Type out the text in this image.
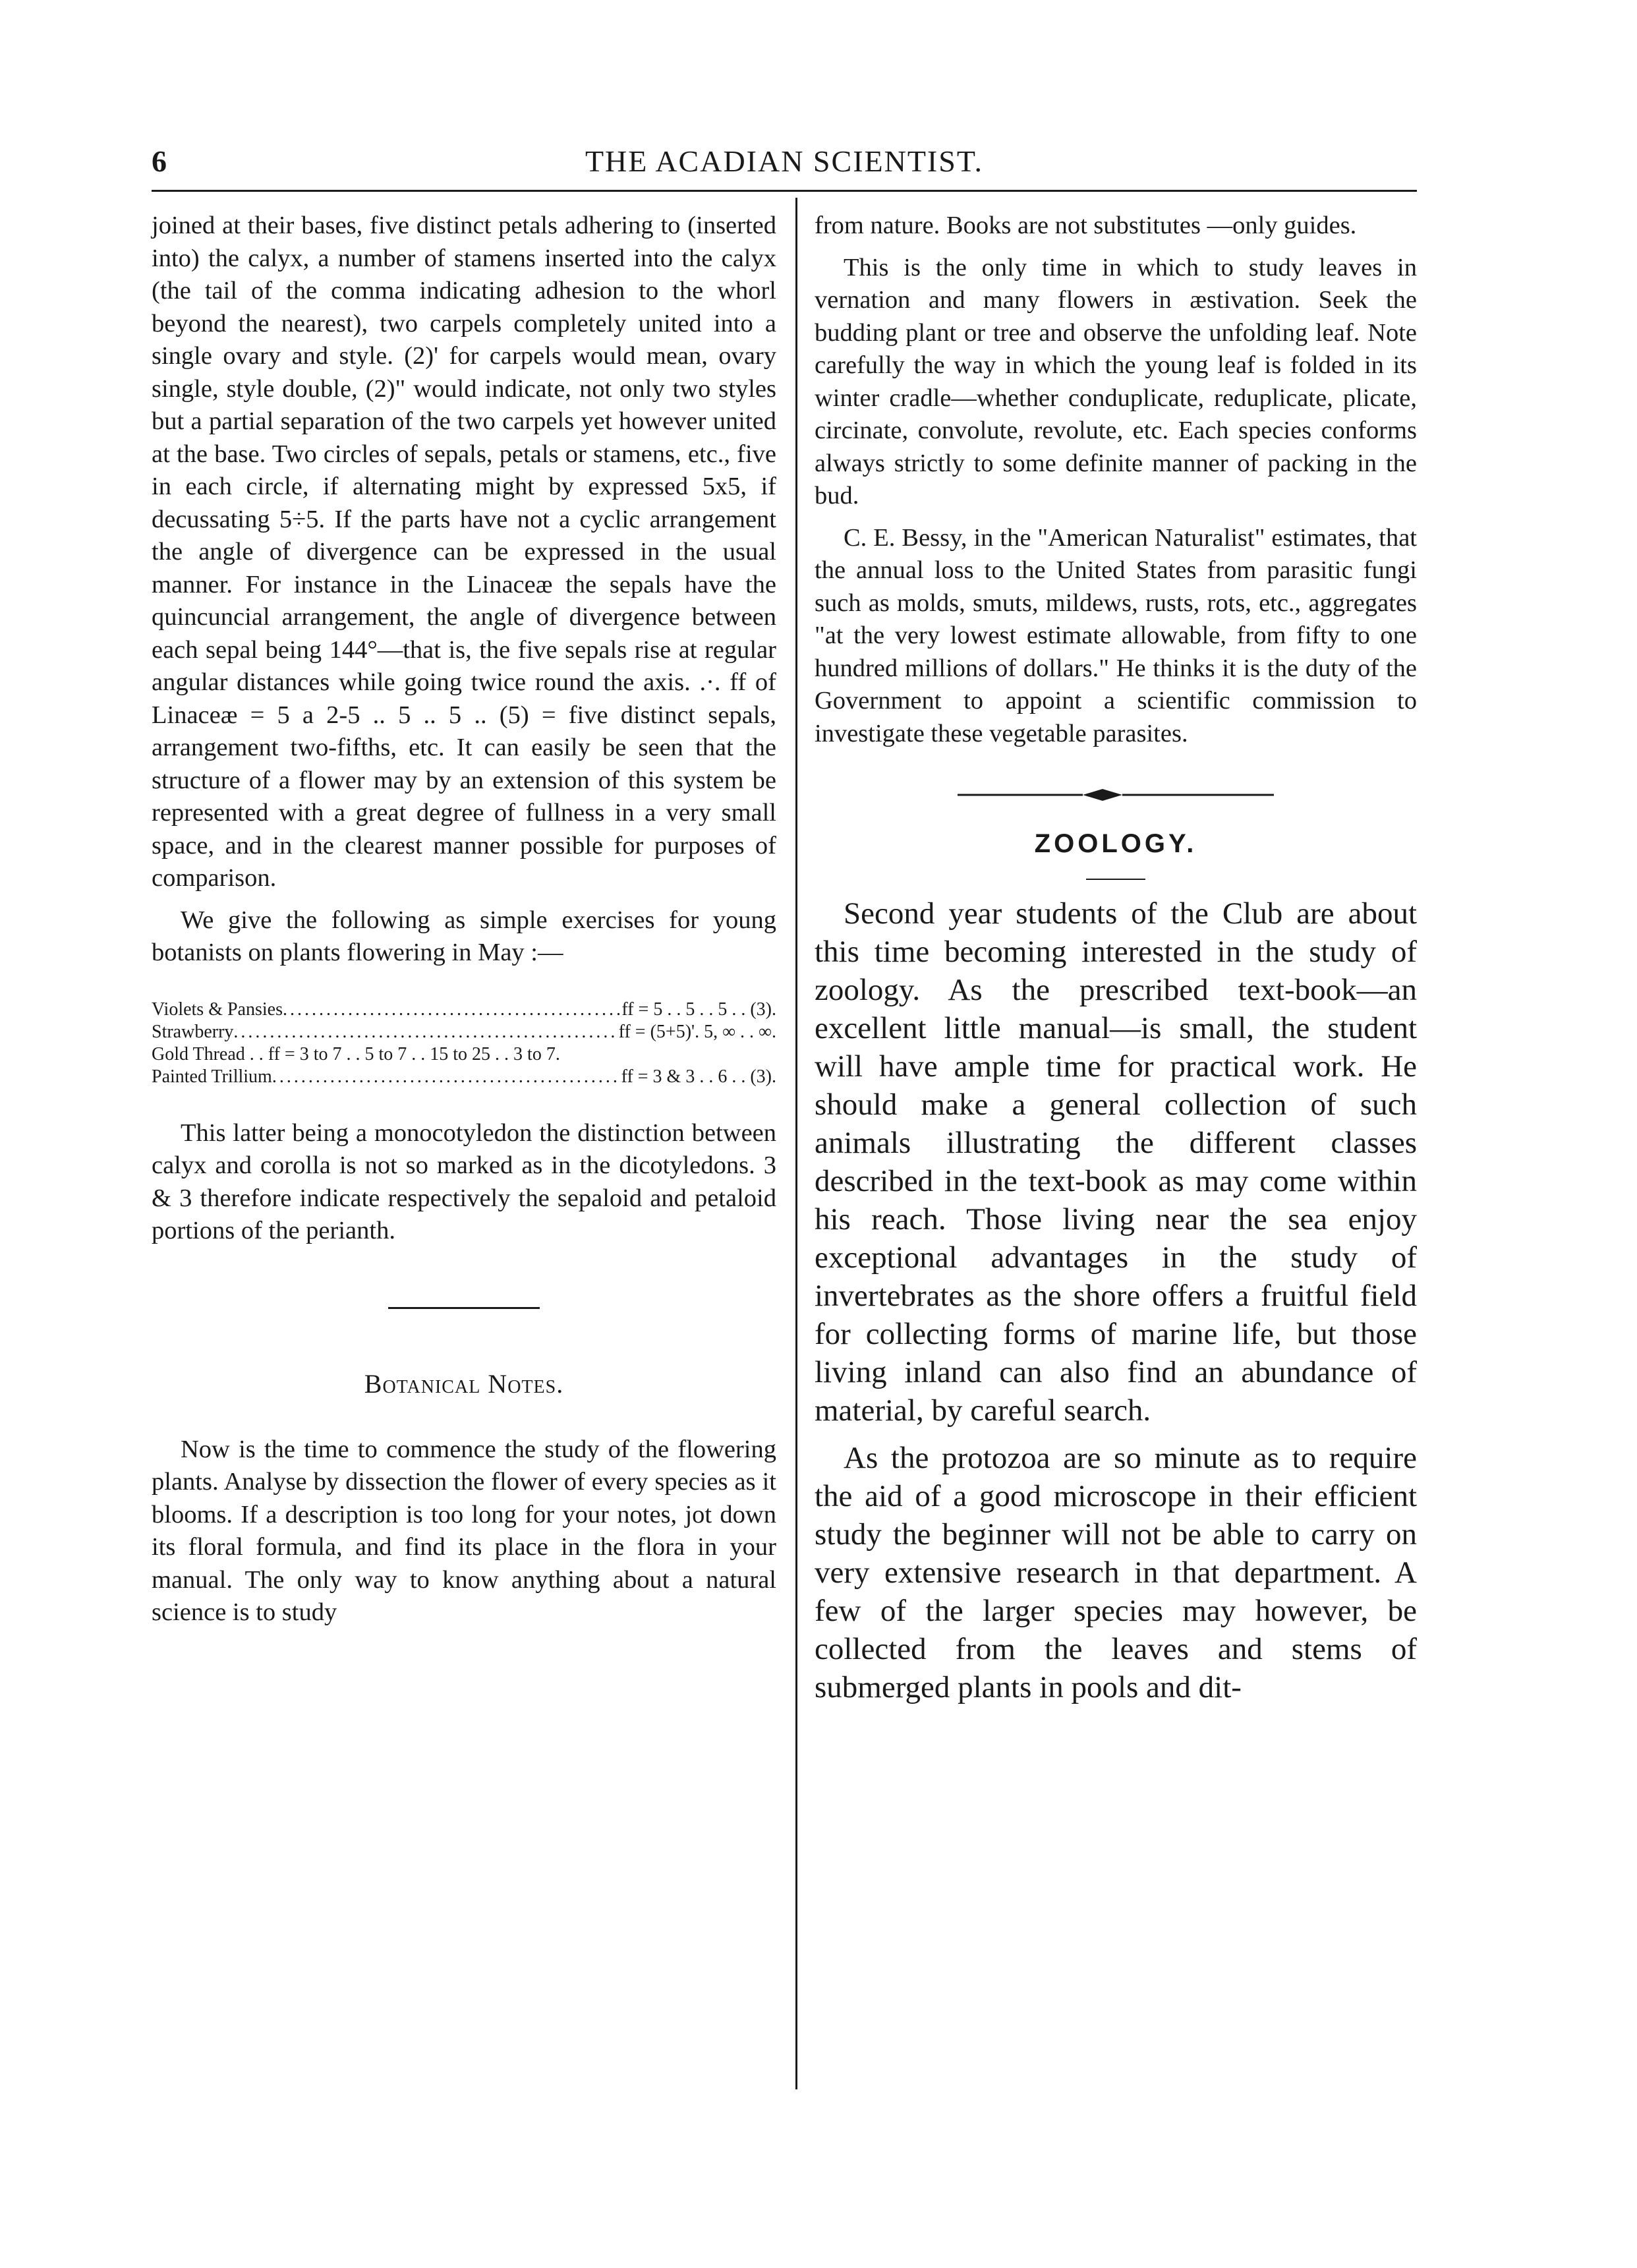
6	THE ACADIAN SCIENTIST.

joined at their bases, five distinct petals adhering to (inserted into) the calyx, a number of stamens inserted into the calyx (the tail of the comma indicating adhesion to the whorl beyond the nearest), two carpels completely united into a single ovary and style. (2)' for carpels would mean, ovary single, style double, (2)" would indicate, not only two styles but a partial separation of the two carpels yet however united at the base. Two circles of sepals, petals or stamens, etc., five in each circle, if alternating might by expressed 5x5, if decussating 5÷5. If the parts have not a cyclic arrangement the angle of divergence can be expressed in the usual manner. For instance in the Linaceæ the sepals have the quincuncial arrangement, the angle of divergence between each sepal being 144°—that is, the five sepals rise at regular angular distances while going twice round the axis. .·. ff of Linaceæ = 5 a 2-5 .. 5 .. 5 .. (5) = five distinct sepals, arrangement two-fifths, etc. It can easily be seen that the structure of a flower may by an extension of this system be represented with a great degree of fullness in a very small space, and in the clearest manner possible for purposes of comparison.

We give the following as simple exercises for young botanists on plants flowering in May :—

Violets & Pansies .....	ff = 5 . . 5 . . 5 . . (3).
Strawberry .....	ff = (5+5)'. 5, ∞ . . ∞.
Gold Thread . . ff = 3 to 7 . . 5 to 7 . . 15 to 25 . . 3 to 7.
Painted Trillium .....	ff = 3 & 3 . . 6 . . (3).

This latter being a monocotyledon the distinction between calyx and corolla is not so marked as in the dicotyledons. 3 & 3 therefore indicate respectively the sepaloid and petaloid portions of the perianth.

Botanical Notes.

Now is the time to commence the study of the flowering plants. Analyse by dissection the flower of every species as it blooms. If a description is too long for your notes, jot down its floral formula, and find its place in the flora in your manual. The only way to know anything about a natural science is to study

from nature. Books are not substitutes —only guides.

This is the only time in which to study leaves in vernation and many flowers in æstivation. Seek the budding plant or tree and observe the unfolding leaf. Note carefully the way in which the young leaf is folded in its winter cradle—whether conduplicate, reduplicate, plicate, circinate, convolute, revolute, etc. Each species conforms always strictly to some definite manner of packing in the bud.

C. E. Bessy, in the "American Naturalist" estimates, that the annual loss to the United States from parasitic fungi such as molds, smuts, mildews, rusts, rots, etc., aggregates "at the very lowest estimate allowable, from fifty to one hundred millions of dollars." He thinks it is the duty of the Government to appoint a scientific commission to investigate these vegetable parasites.

ZOOLOGY.

Second year students of the Club are about this time becoming interested in the study of zoology. As the prescribed text-book—an excellent little manual—is small, the student will have ample time for practical work. He should make a general collection of such animals illustrating the different classes described in the text-book as may come within his reach. Those living near the sea enjoy exceptional advantages in the study of invertebrates as the shore offers a fruitful field for collecting forms of marine life, but those living inland can also find an abundance of material, by careful search.

As the protozoa are so minute as to require the aid of a good microscope in their efficient study the beginner will not be able to carry on very extensive research in that department. A few of the larger species may however, be collected from the leaves and stems of submerged plants in pools and dit-
